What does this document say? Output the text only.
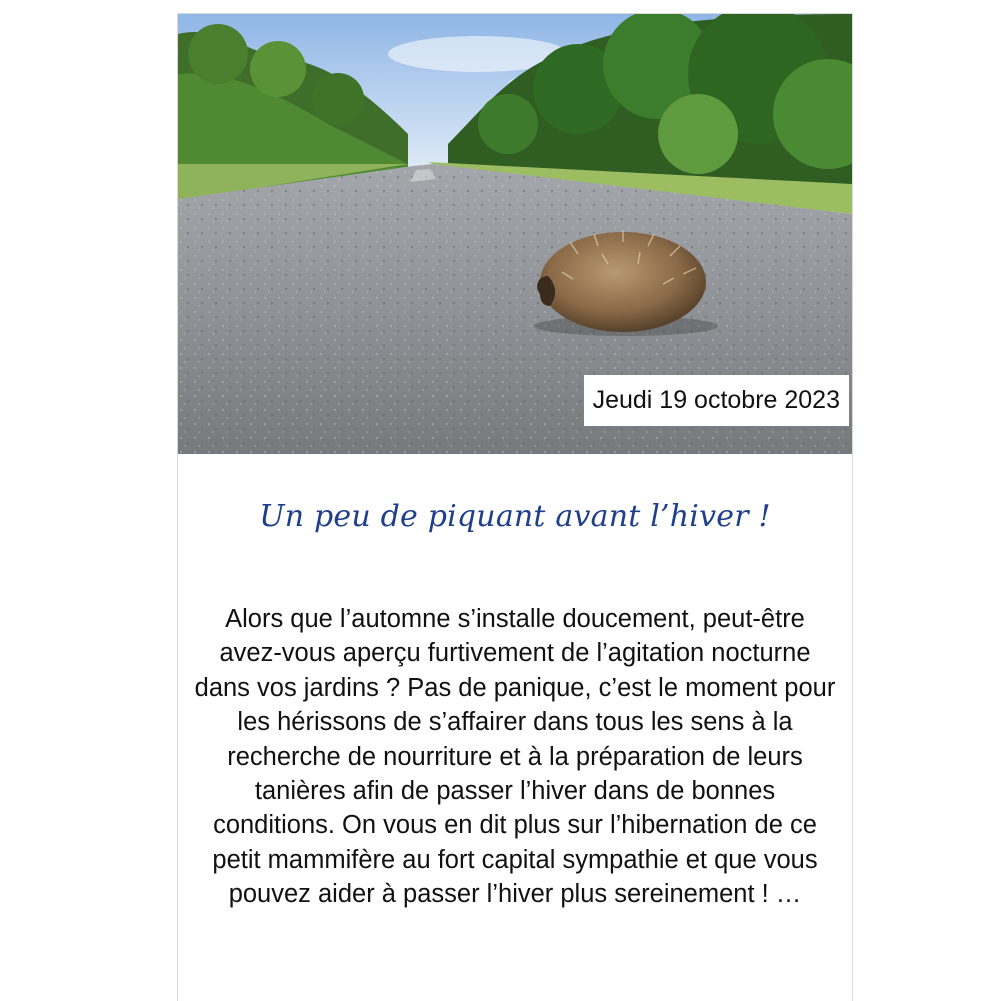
Jeudi 19 octobre 2023
Un peu de piquant avant l’hiver !

Alors que l’automne s’installe doucement, peut-être avez-vous aperçu furtivement de l’agitation nocturne dans vos jardins ? Pas de panique, c’est le moment pour les hérissons de s’affairer dans tous les sens à la recherche de nourriture et à la préparation de leurs tanières afin de passer l’hiver dans de bonnes conditions. On vous en dit plus sur l’hibernation de ce petit mammifère au fort capital sympathie et que vous pouvez aider à passer l’hiver plus sereinement ! …
